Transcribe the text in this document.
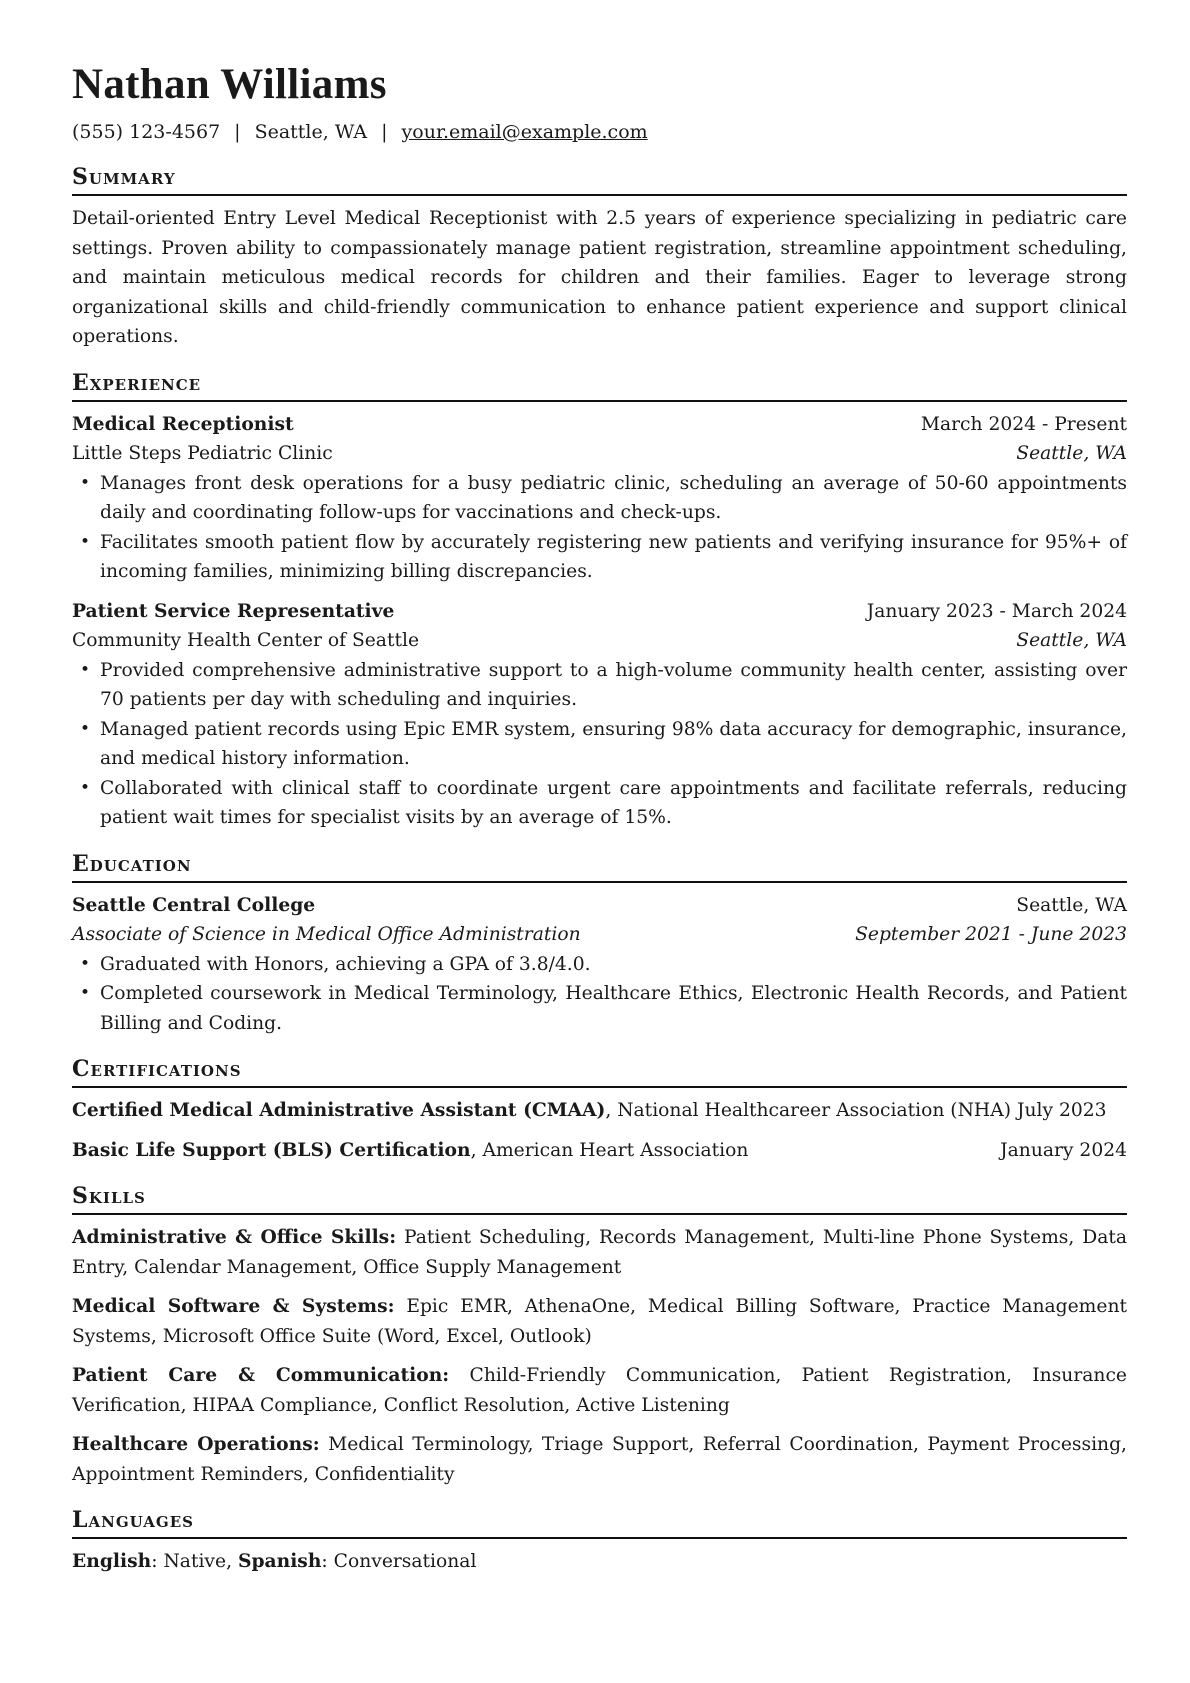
Nathan Williams
(555) 123-4567 | Seattle, WA | your.email@example.com
Summary

Detail-oriented Entry Level Medical Receptionist with 2.5 years of experience specializing in pediatric care settings. Proven ability to compassionately manage patient registration, streamline appointment scheduling, and maintain meticulous medical records for children and their families. Eager to leverage strong organizational skills and child-friendly communication to enhance patient experience and support clinical operations.

Experience
Medical Receptionist	March 2024 - Present
Little Steps Pediatric Clinic	Seattle, WA
• Manages front desk operations for a busy pediatric clinic, scheduling an average of 50-60 appointments daily and coordinating follow-ups for vaccinations and check-ups.
• Facilitates smooth patient flow by accurately registering new patients and verifying insurance for 95%+ of incoming families, minimizing billing discrepancies.
Patient Service Representative	January 2023 - March 2024
Community Health Center of Seattle	Seattle, WA
• Provided comprehensive administrative support to a high-volume community health center, assisting over 70 patients per day with scheduling and inquiries.
• Managed patient records using Epic EMR system, ensuring 98% data accuracy for demographic, insurance, and medical history information.
• Collaborated with clinical staff to coordinate urgent care appointments and facilitate referrals, reducing patient wait times for specialist visits by an average of 15%.
Education
Seattle Central College	Seattle, WA
Associate of Science in Medical Office Administration	September 2021 - June 2023
• Graduated with Honors, achieving a GPA of 3.8/4.0.
• Completed coursework in Medical Terminology, Healthcare Ethics, Electronic Health Records, and Patient Billing and Coding.
Certifications
Certified Medical Administrative Assistant (CMAA), National Healthcareer Association (NHA) July 2023
Basic Life Support (BLS) Certification, American Heart Association	January 2024
Skills
Administrative & Office Skills: Patient Scheduling, Records Management, Multi-line Phone Systems, Data Entry, Calendar Management, Office Supply Management
Medical Software & Systems: Epic EMR, AthenaOne, Medical Billing Software, Practice Management Systems, Microsoft Office Suite (Word, Excel, Outlook)
Patient Care & Communication: Child-Friendly Communication, Patient Registration, Insurance Verification, HIPAA Compliance, Conflict Resolution, Active Listening
Healthcare Operations: Medical Terminology, Triage Support, Referral Coordination, Payment Processing, Appointment Reminders, Confidentiality
Languages
English: Native, Spanish: Conversational
